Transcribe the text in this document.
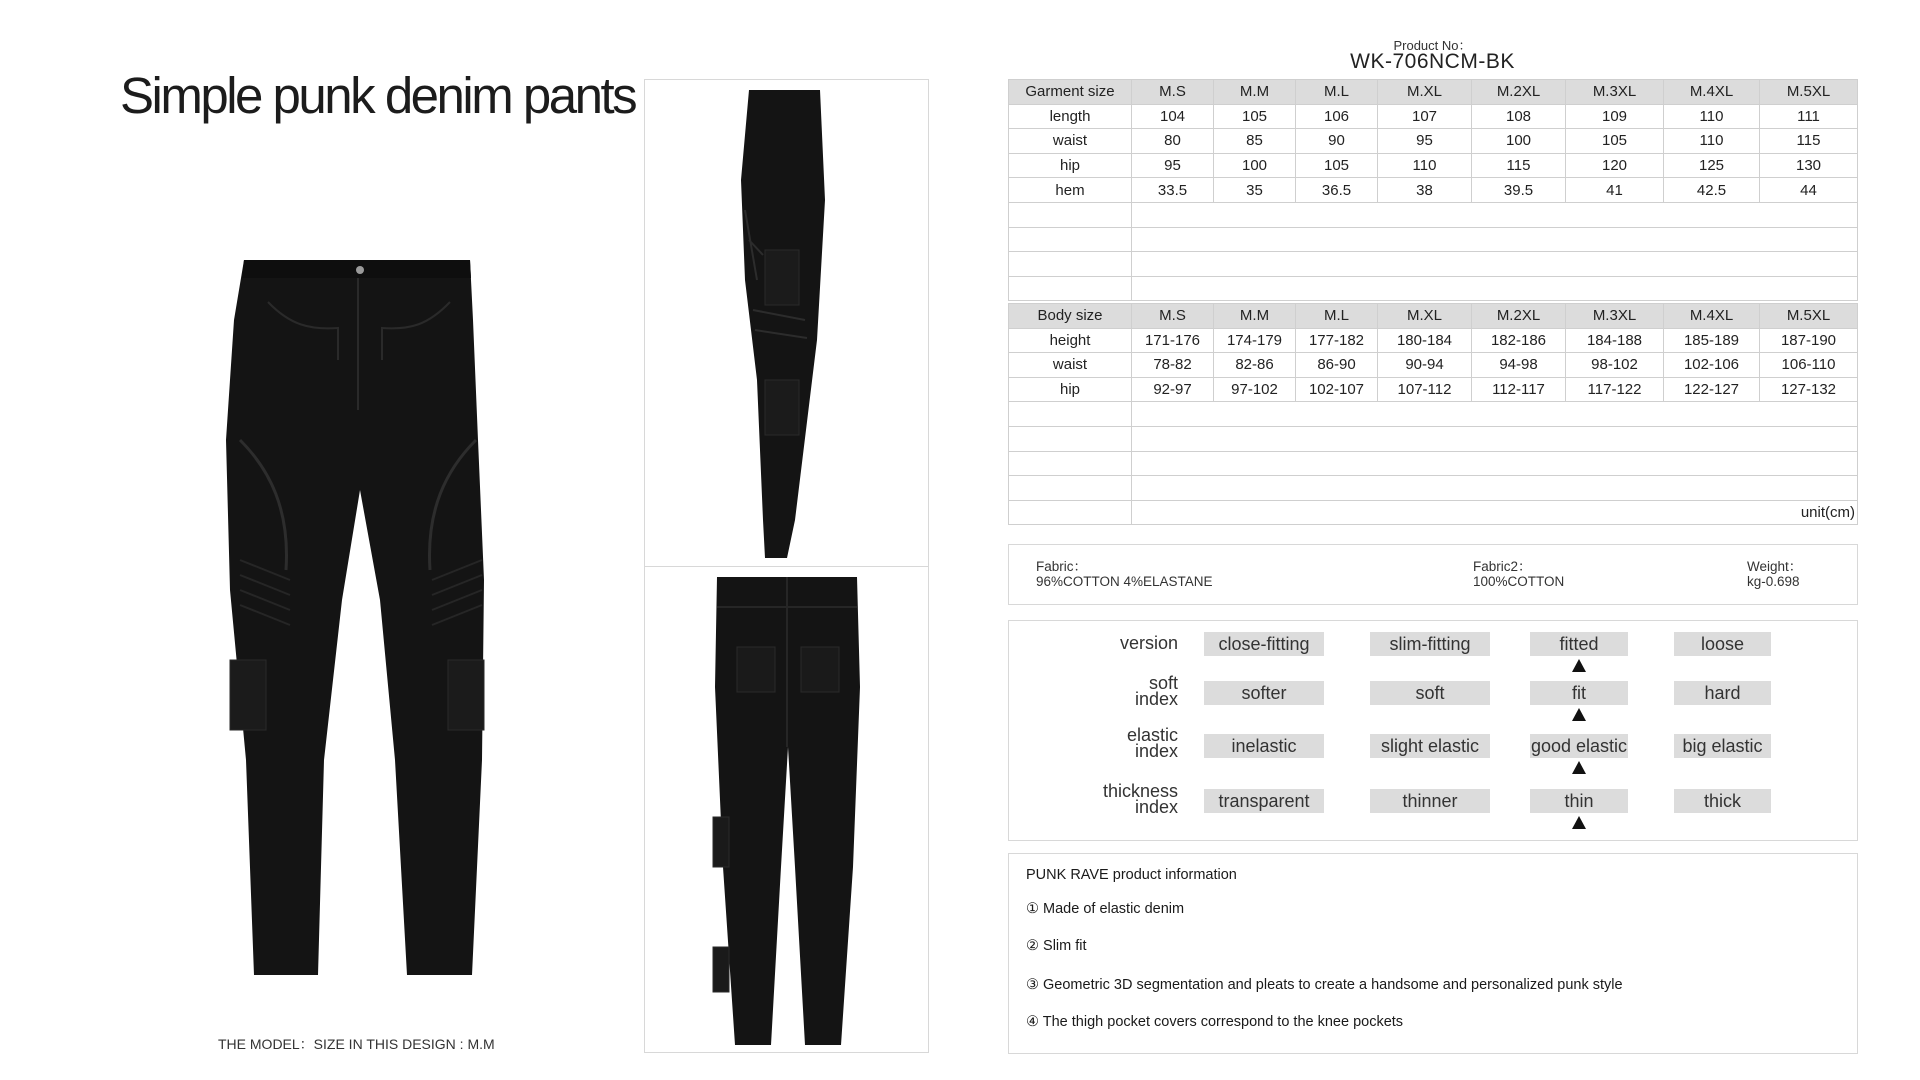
Simple punk denim pants
THE MODEL：SIZE IN THIS DESIGN : M.M
Product No：
WK-706NCM-BK
Garment size	M.S	M.M	M.L	M.XL	M.2XL	M.3XL	M.4XL	M.5XL
length	104	105	106	107	108	109	110	111
waist	80	85	90	95	100	105	110	115
hip	95	100	105	110	115	120	125	130
hem	33.5	35	36.5	38	39.5	41	42.5	44

Body size	M.S	M.M	M.L	M.XL	M.2XL	M.3XL	M.4XL	M.5XL
height	171-176	174-179	177-182	180-184	182-186	184-188	185-189	187-190
waist	78-82	82-86	86-90	90-94	94-98	98-102	102-106	106-110
hip	92-97	97-102	102-107	107-112	112-117	117-122	122-127	127-132

	unit(cm)							
Fabric：
96%COTTON 4%ELASTANE
Fabric2：
100%COTTON
Weight：
kg-0.698
version	close-fitting	slim-fitting	fitted	loose
soft
index	softer	soft	fit	hard
elastic
index	inelastic	slight elastic	good elastic	big elastic
thickness
index	transparent	thinner	thin	thick
PUNK RAVE product information
① Made of elastic denim
② Slim fit
③ Geometric 3D segmentation and pleats to create a handsome and personalized punk style
④ The thigh pocket covers correspond to the knee pockets
